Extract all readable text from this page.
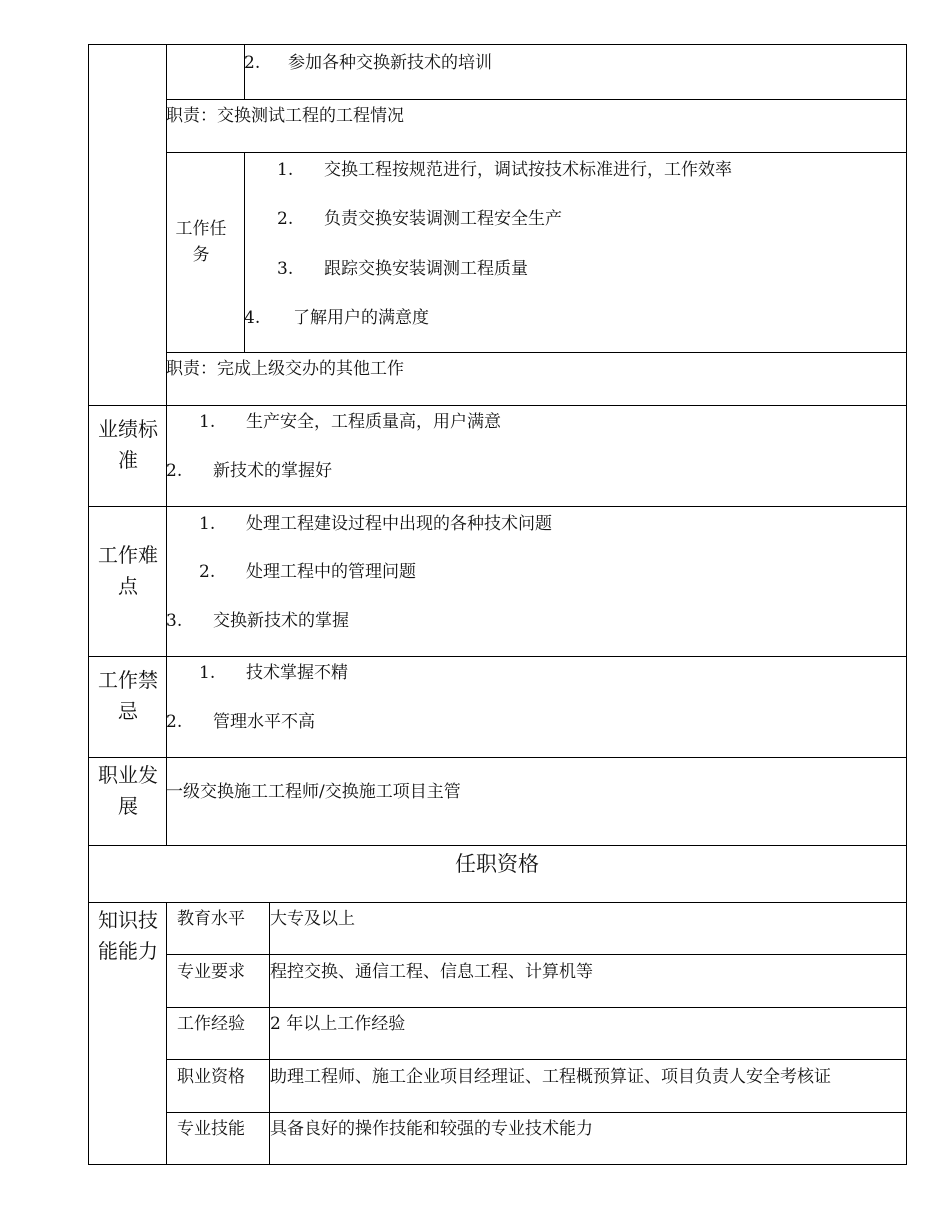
2. 参加各种交换新技术的培训
职责：交换测试工程的工程情况
工作任务
1. 交换工程按规范进行，调试按技术标准进行，工作效率
2. 负责交换安装调测工程安全生产
3. 跟踪交换安装调测工程质量
4. 了解用户的满意度
职责：完成上级交办的其他工作
业绩标准
1. 生产安全，工程质量高，用户满意
2. 新技术的掌握好
工作难点
1. 处理工程建设过程中出现的各种技术问题
2. 处理工程中的管理问题
3. 交换新技术的掌握
工作禁忌
1. 技术掌握不精
2. 管理水平不高
职业发展
一级交换施工工程师/交换施工项目主管
任职资格
知识技能能力
教育水平 大专及以上
专业要求 程控交换、通信工程、信息工程、计算机等
工作经验 2 年以上工作经验
职业资格 助理工程师、施工企业项目经理证、工程概预算证、项目负责人安全考核证
专业技能 具备良好的操作技能和较强的专业技术能力
